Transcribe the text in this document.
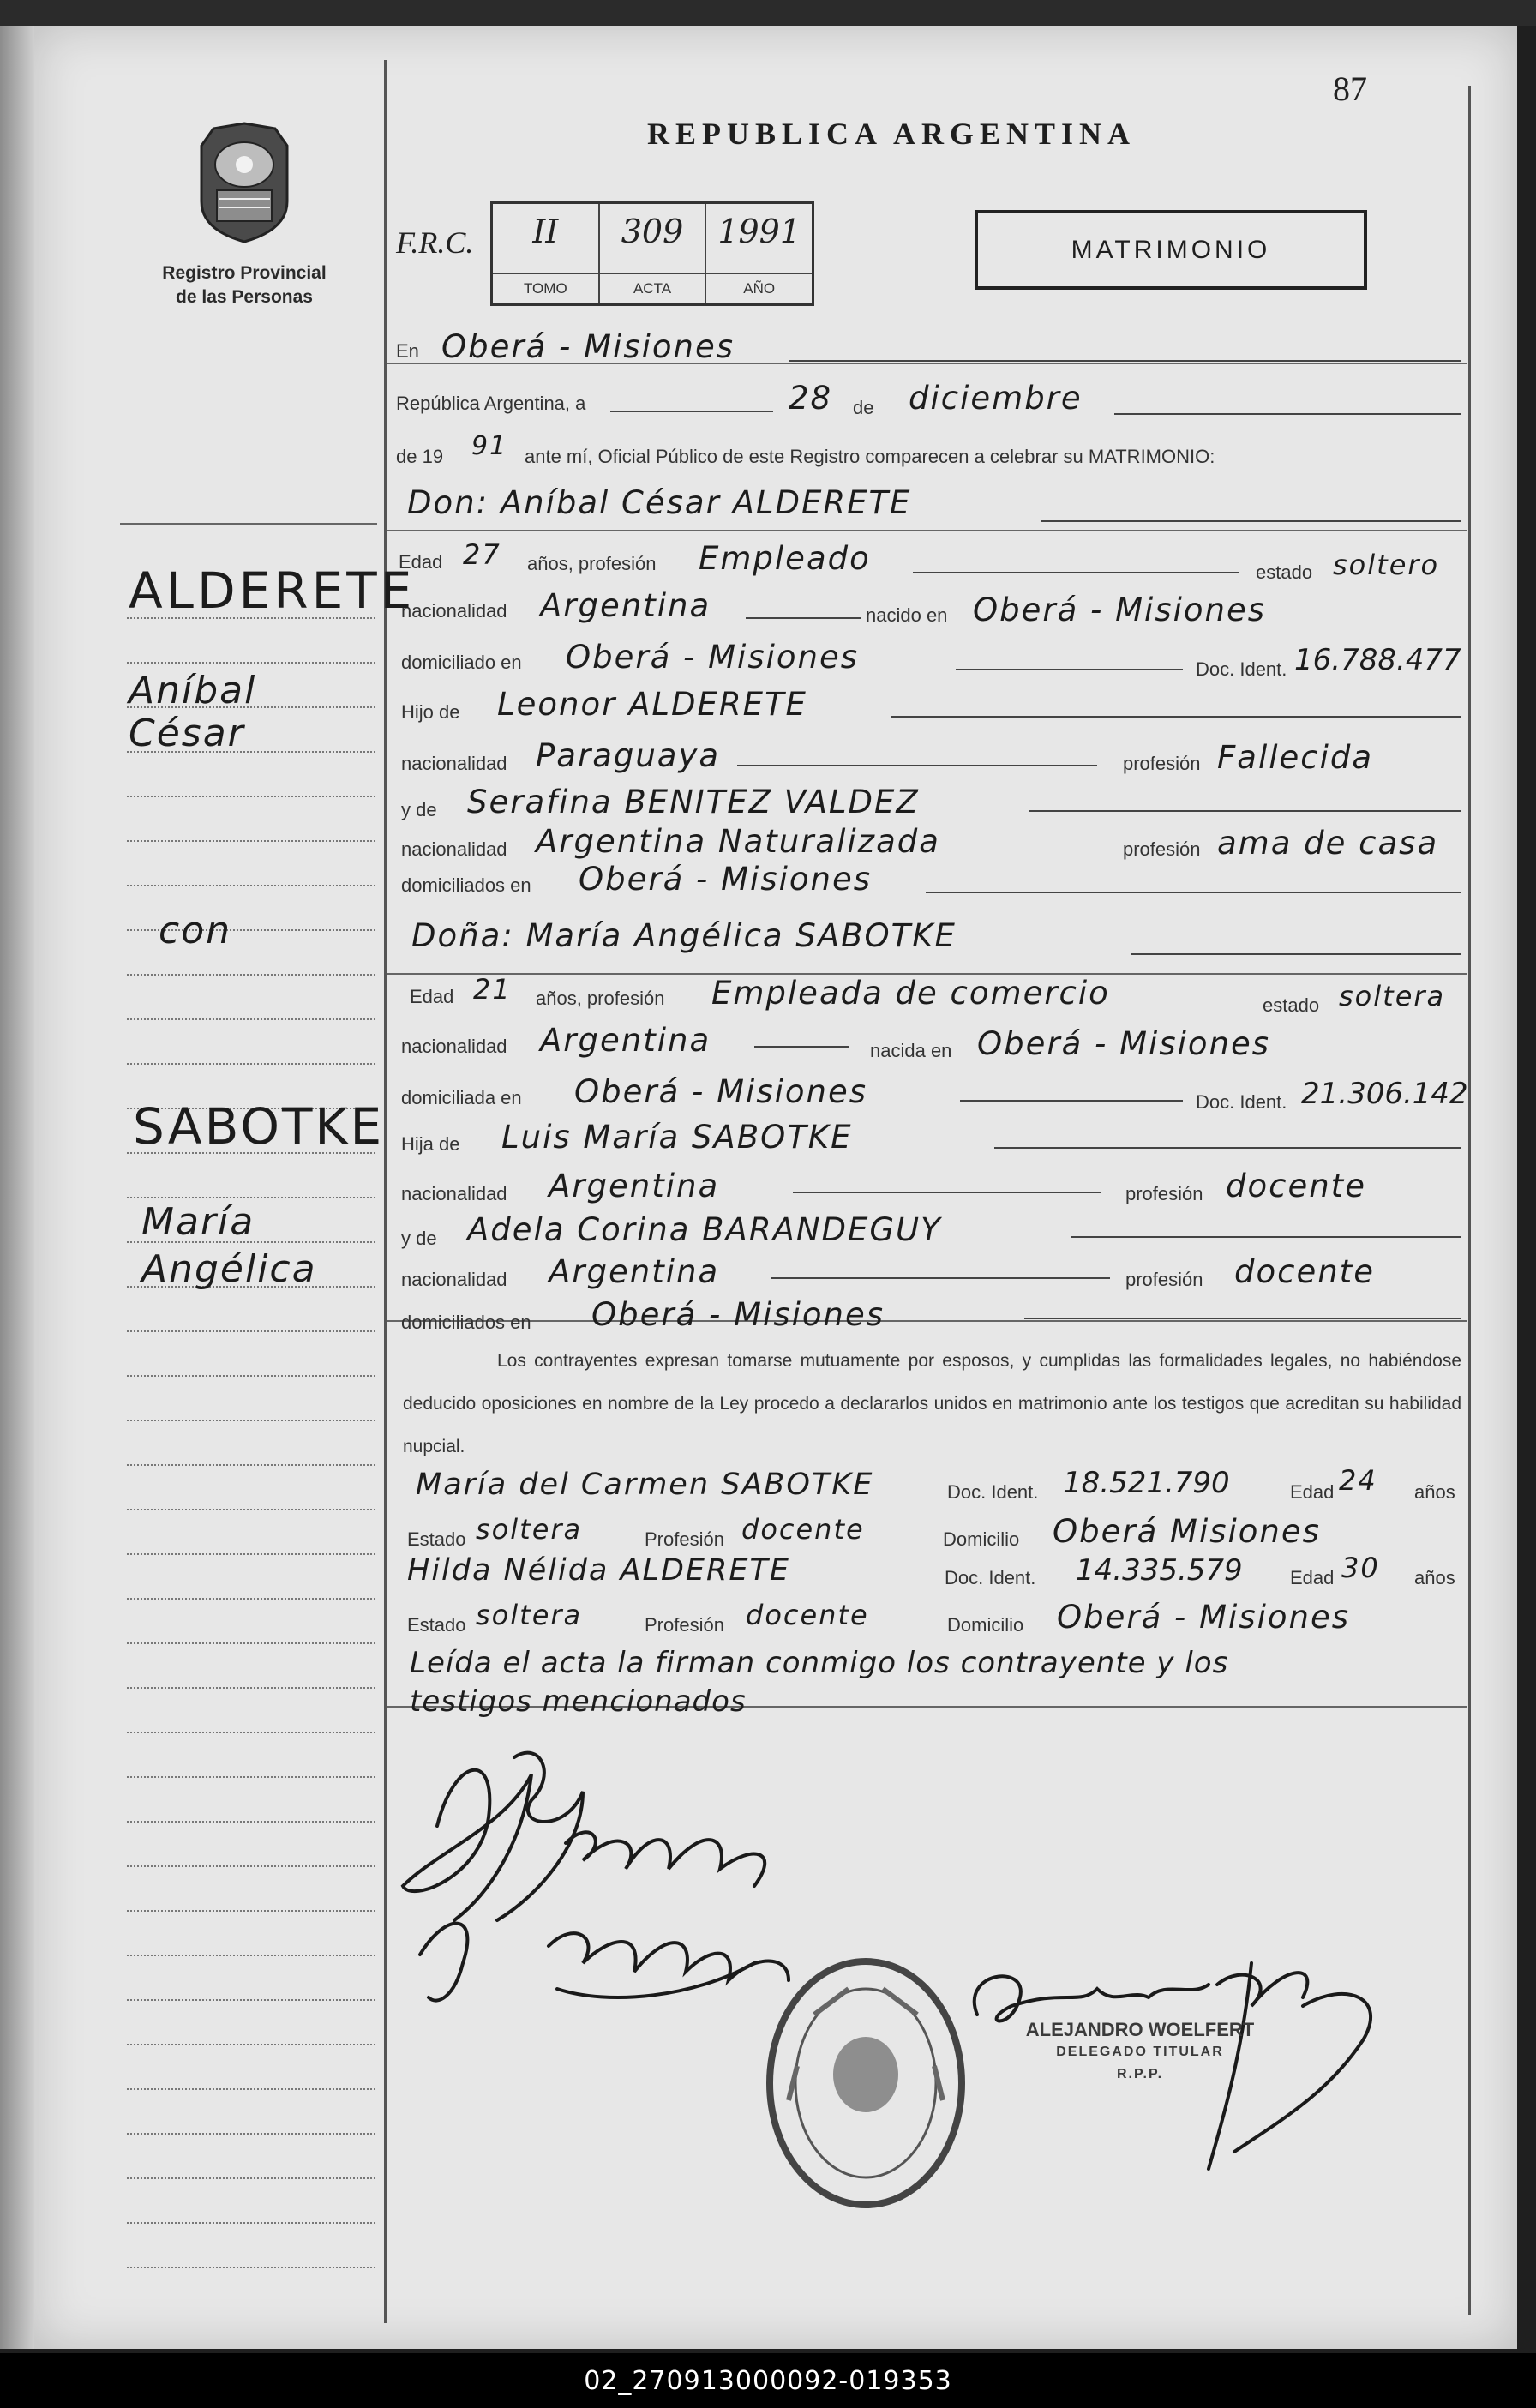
Registro Provincial
de las Personas
87
REPUBLICA ARGENTINA
F.R.C.	II
TOMO
309
ACTA
1991
AÑO
MATRIMONIO
En Oberá - Misiones
República Argentina, a	28 de diciembre
de 19 91 ante mí, Oficial Público de este Registro comparecen a celebrar su MATRIMONIO:
Don: Aníbal César ALDERETE
Edad 27 años, profesión Empleado	estado soltero
nacionalidad Argentina	nacido en Oberá - Misiones
domiciliado en Oberá - Misiones	Doc. Ident. 16.788.477
Hijo de Leonor ALDERETE
nacionalidad Paraguaya	profesión Fallecida
y de Serafina BENITEZ VALDEZ
nacionalidad Argentina Naturalizada	profesión ama de casa
domiciliados en Oberá - Misiones
Doña: María Angélica SABOTKE
Edad 21 años, profesión Empleada de comercio	estado soltera
nacionalidad Argentina	nacida en Oberá - Misiones
domiciliada en Oberá - Misiones	Doc. Ident. 21.306.142
Hija de Luis María SABOTKE
nacionalidad Argentina	profesión docente
y de Adela Corina BARANDEGUY
nacionalidad Argentina	profesión docente
domiciliados en Oberá - Misiones
ALDERETE
Aníbal
César
con
SABOTKE
María
Angélica
Los contrayentes expresan tomarse mutuamente por esposos, y cumplidas las formalidades legales, no habiéndose deducido oposiciones en nombre de la Ley procedo a declararlos unidos en matrimonio ante los testigos que acreditan su habilidad nupcial.
María del Carmen SABOTKE	Doc. Ident. 18.521.790	Edad 24 años
Estado soltera	Profesión docente	Domicilio Oberá Misiones
Hilda Nélida ALDERETE	Doc. Ident. 14.335.579	Edad 30 años
Estado soltera	Profesión docente	Domicilio Oberá - Misiones
Leída el acta la firman conmigo los contrayente y los
testigos mencionados
ALEJANDRO WOELFERT
DELEGADO TITULAR
R.P.P.
02_270913000092-019353
